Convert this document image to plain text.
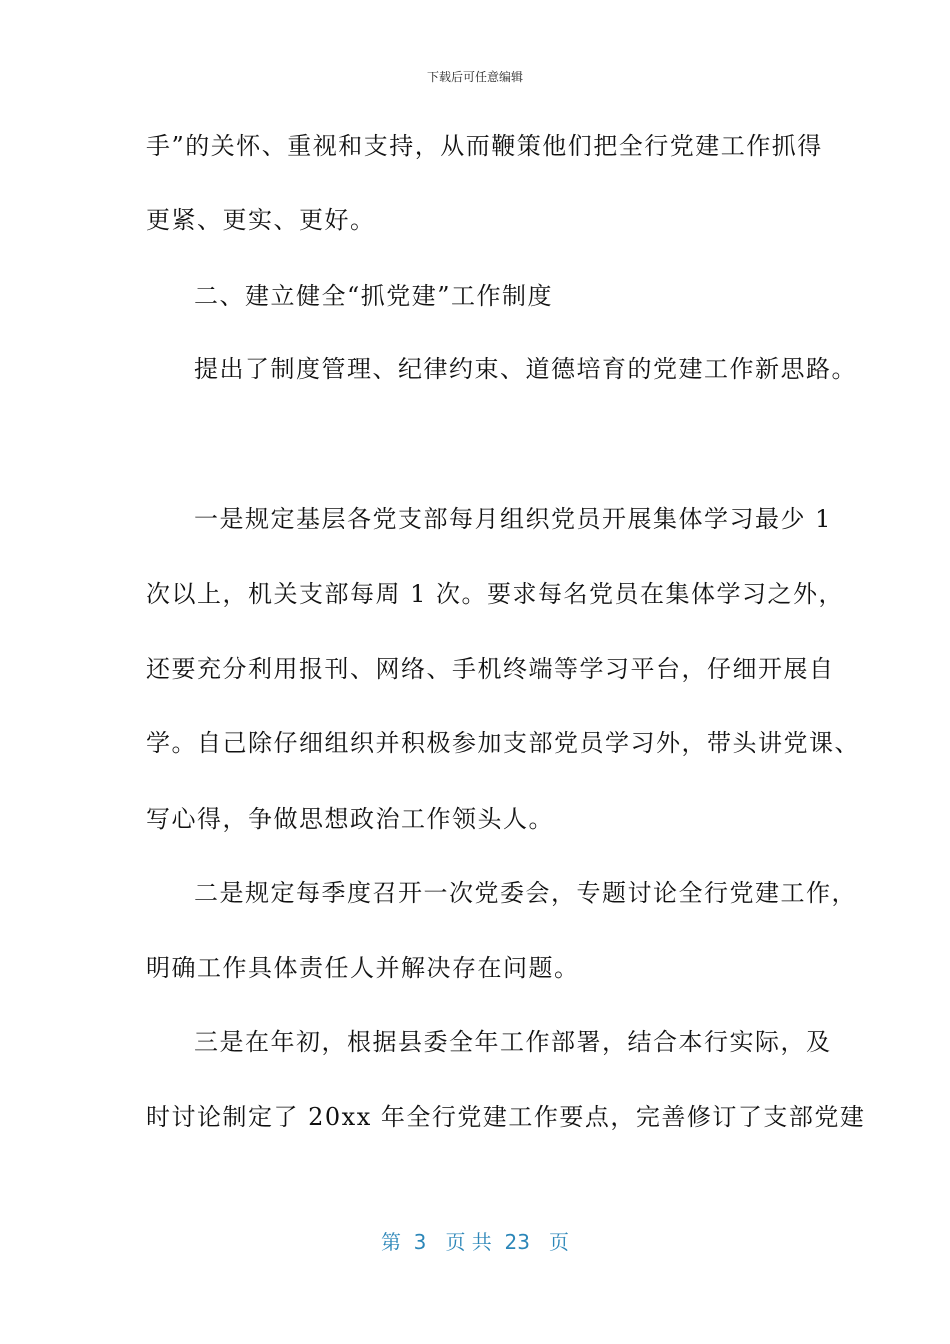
下载后可任意编辑
手”的关怀、重视和支持，从而鞭策他们把全行党建工作抓得
更紧、更实、更好。
二、建立健全“抓党建”工作制度
提出了制度管理、纪律约束、道德培育的党建工作新思路。
一是规定基层各党支部每月组织党员开展集体学习最少 1
次以上，机关支部每周 1 次。要求每名党员在集体学习之外，
还要充分利用报刊、网络、手机终端等学习平台，仔细开展自
学。自己除仔细组织并积极参加支部党员学习外，带头讲党课、
写心得，争做思想政治工作领头人。
二是规定每季度召开一次党委会，专题讨论全行党建工作，
明确工作具体责任人并解决存在问题。
三是在年初，根据县委全年工作部署，结合本行实际，及
时讨论制定了 20xx 年全行党建工作要点，完善修订了支部党建
第  3   页 共  23   页
